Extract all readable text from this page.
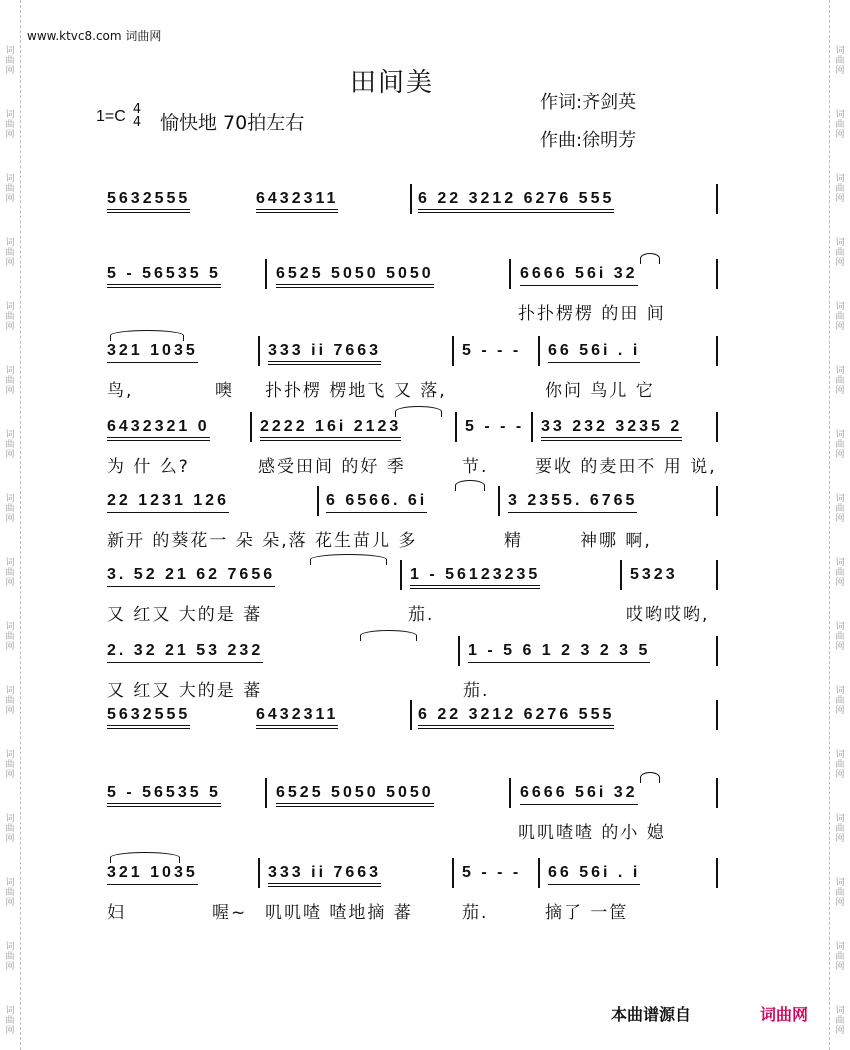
词
曲
网
词
曲
网
词
曲
网
词
曲
网
词
曲
网
词
曲
网
词
曲
网
词
曲
网
词
曲
网
词
曲
网
词
曲
网
词
曲
网
词
曲
网
词
曲
网
词
曲
网
词
曲
网
词
曲
网
词
曲
网
词
曲
网
词
曲
网
词
曲
网
词
曲
网
词
曲
网
词
曲
网
词
曲
网
词
曲
网
词
曲
网
词
曲
网
词
曲
网
词
曲
网
词
曲
网
词
曲
网
www.ktvc8.com 词曲网
田间美
1=C 4
4 愉快地 70拍左右
作词:齐剑英
作曲:徐明芳
5632555	6432311	6 22 3212 6276 555
5 - 56535 5	6525 5050 5050	6666 56i 32
扑扑楞楞 的田 间
321 1035	333 ii 7663	5 - - - 66 56i . i
鸟,	噢 扑扑楞 楞地飞 又 落,	你问 鸟儿 它
6432321 0	2222 16i 2123	5 - - - 33 232 3235 2
为 什 么?	感受田间 的好 季	节.	要收 的麦田不 用 说,
22 1231 126	6 6566. 6i	3 2355. 6765
新开 的葵花一 朵 朵,落 花生苗儿 多	精	神哪 啊,
3. 52 21 62 7656	1 - 56123235	5323
又 红又 大的是 蕃	茄.	哎哟哎哟,
2. 32 21 53 232	1 - 5 6 1 2 3 2 3 5
又 红又 大的是 蕃	茄.
5632555	6432311	6 22 3212 6276 555
5 - 56535 5	6525 5050 5050	6666 56i 32
叽叽喳喳 的小 媳
321 1035	333 ii 7663	5 - - - 66 56i . i
妇	喔~ 叽叽喳 喳地摘 蕃	茄.	摘了 一筐
本曲谱源自	词曲网
